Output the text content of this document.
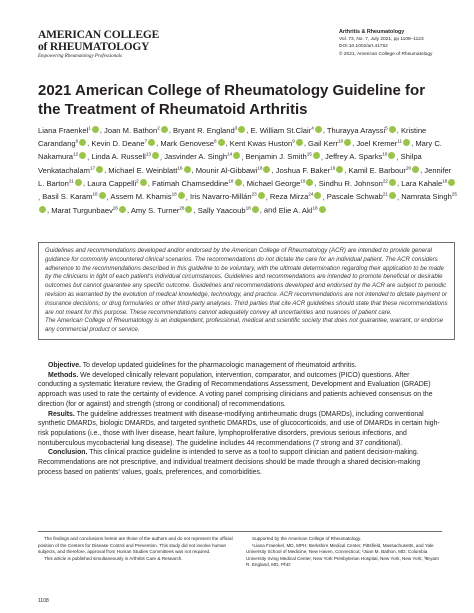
AMERICAN COLLEGE
of RHEUMATOLOGY
Empowering Rheumatology Professionals
Arthritis & Rheumatology
Vol. 73, No. 7, July 2021, pp 1108–1123
DOI 10.1002/art.41752
© 2021, American College of Rheumatology
2021 American College of Rheumatology Guideline for the Treatment of Rheumatoid Arthritis
Liana Fraenkel$^1$ , Joan M. Bathon$^2$ , Bryant R. England$^3$ , E. William St.Clair$^4$ , Thurayya Arayssi$^5$ , Kristine Carandang$^6$ , Kevin D. Deane$^7$ , Mark Genovese$^8$ , Kent Kwas Huston$^9$ , Gail Kerr$^{10}$ , Joel Kremer$^{11}$ , Mary C. Nakamura$^{12}$ , Linda A. Russell$^{13}$ , Jasvinder A. Singh$^{14}$ , Benjamin J. Smith$^{15}$ , Jeffrey A. Sparks$^{16}$ , Shilpa Venkatachalam$^{17}$ , Michael E. Weinblatt$^{16}$ , Mounir Al-Gibbawi$^{18}$ , Joshua F. Baker$^{19}$ , Kamil E. Barbour$^{20}$ , Jennifer L. Barton$^{21}$ , Laura Cappelli$^2$ , Fatimah Chamseddine$^{18}$ , Michael George$^{19}$ , Sindhu R. Johnson$^{22}$ , Lara Kahale$^{18}$, Basil S. Karam$^{18}$ , Assem M. Khamis$^{18}$ , Iris Navarro-Millán$^{23}$ , Reza Mirza$^{24}$ , Pascale Schwab$^{21}$ , Namrata Singh$^{25}$, Marat Turgunbaev$^{26}$ , Amy S. Turner$^{26}$ , Sally Yaacoub$^{18}$ , and Elie A. Akl$^{18}$

Guidelines and recommendations developed and/or endorsed by the American College of Rheumatology (ACR) are intended to provide general guidance for commonly encountered clinical scenarios. The recommendations do not dictate the care for an individual patient. The ACR considers adherence to the recommendations described in this guideline to be voluntary, with the ultimate determination regarding their application to be made by the clinicians in light of each patient's individual circumstances. Guidelines and recommendations are intended to promote beneficial or desirable outcomes but cannot guarantee any specific outcome. Guidelines and recommendations developed and endorsed by the ACR are subject to periodic revision as warranted by the evolution of medical knowledge, technology, and practice. ACR recommendations are not intended to dictate payment or insurance decisions, or drug formularies or other third-party analyses. Third parties that cite ACR guidelines should state that these recommendations are not meant for this purpose. These recommendations cannot adequately convey all uncertainties and nuances of patient care.

The American College of Rheumatology is an independent, professional, medical and scientific society that does not guarantee, warrant, or endorse any commercial product or service.

Objective. To develop updated guidelines for the pharmacologic management of rheumatoid arthritis.

Methods. We developed clinically relevant population, intervention, comparator, and outcomes (PICO) questions. After conducting a systematic literature review, the Grading of Recommendations Assessment, Development and Evaluation (GRADE) approach was used to rate the certainty of evidence. A voting panel comprising clinicians and patients achieved consensus on the direction (for or against) and strength (strong or conditional) of recommendations.

Results. The guideline addresses treatment with disease-modifying antirheumatic drugs (DMARDs), including conventional synthetic DMARDs, biologic DMARDs, and targeted synthetic DMARDs, use of glucocorticoids, and use of DMARDs in certain high-risk populations (i.e., those with liver disease, heart failure, lymphoproliferative disorders, previous serious infections, and nontuberculous mycobacterial lung disease). The guideline includes 44 recommendations (7 strong and 37 conditional).

Conclusion. This clinical practice guideline is intended to serve as a tool to support clinician and patient decision-making. Recommendations are not prescriptive, and individual treatment decisions should be made through a shared decision-making process based on patients' values, goals, preferences, and comorbidities.

The findings and conclusions herein are those of the authors and do not represent the official position of the Centers for Disease Control and Prevention. This study did not involve human subjects, and therefore, approval from Human Studies Committees was not required.

This article is published simultaneously in Arthritis Care & Research.

Supported by the American College of Rheumatology.

¹Liana Fraenkel, MD, MPH: Berkshire Medical Center, Pittsfield, Massachusetts, and Yale University School of Medicine, New Haven, Connecticut; ²Joan M. Bathon, MD: Columbia University Irving Medical Center, New York Presbyterian Hospital, New York, New York; ³Bryant R. England, MD, PhD:

1108
